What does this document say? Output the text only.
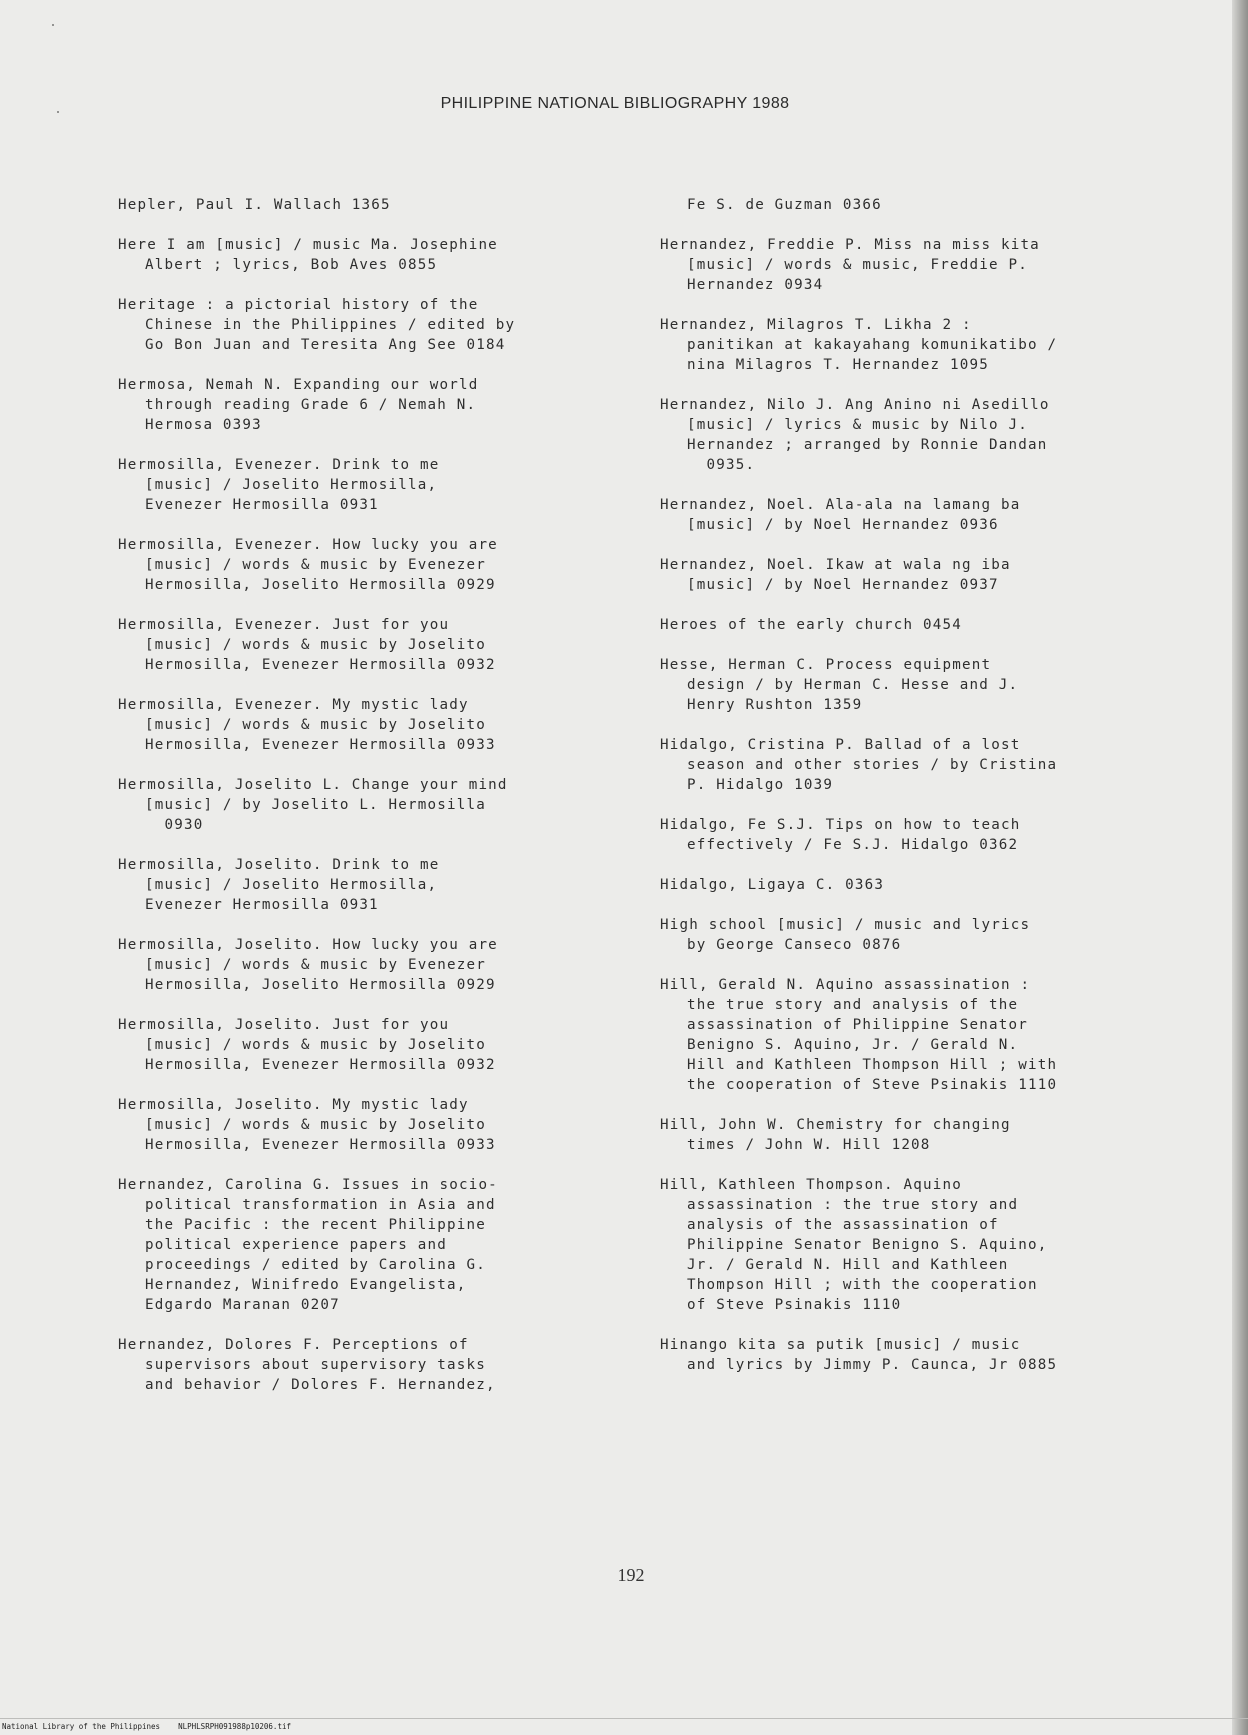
PHILIPPINE NATIONAL BIBLIOGRAPHY 1988
Hepler, Paul I. Wallach 1365
Here I am [music] / music Ma. Josephine
Albert ; lyrics, Bob Aves 0855
Heritage : a pictorial history of the
Chinese in the Philippines / edited by
Go Bon Juan and Teresita Ang See 0184
Hermosa, Nemah N. Expanding our world
through reading Grade 6 / Nemah N.
Hermosa 0393
Hermosilla, Evenezer. Drink to me
[music] / Joselito Hermosilla,
Evenezer Hermosilla 0931
Hermosilla, Evenezer. How lucky you are
[music] / words & music by Evenezer
Hermosilla, Joselito Hermosilla 0929
Hermosilla, Evenezer. Just for you
[music] / words & music by Joselito
Hermosilla, Evenezer Hermosilla 0932
Hermosilla, Evenezer. My mystic lady
[music] / words & music by Joselito
Hermosilla, Evenezer Hermosilla 0933
Hermosilla, Joselito L. Change your mind
[music] / by Joselito L. Hermosilla
0930
Hermosilla, Joselito. Drink to me
[music] / Joselito Hermosilla,
Evenezer Hermosilla 0931
Hermosilla, Joselito. How lucky you are
[music] / words & music by Evenezer
Hermosilla, Joselito Hermosilla 0929
Hermosilla, Joselito. Just for you
[music] / words & music by Joselito
Hermosilla, Evenezer Hermosilla 0932
Hermosilla, Joselito. My mystic lady
[music] / words & music by Joselito
Hermosilla, Evenezer Hermosilla 0933
Hernandez, Carolina G. Issues in socio-
political transformation in Asia and
the Pacific : the recent Philippine
political experience papers and
proceedings / edited by Carolina G.
Hernandez, Winifredo Evangelista,
Edgardo Maranan 0207
Hernandez, Dolores F. Perceptions of
supervisors about supervisory tasks
and behavior / Dolores F. Hernandez,
Fe S. de Guzman 0366
Hernandez, Freddie P. Miss na miss kita
[music] / words & music, Freddie P.
Hernandez 0934
Hernandez, Milagros T. Likha 2 :
panitikan at kakayahang komunikatibo /
nina Milagros T. Hernandez 1095
Hernandez, Nilo J. Ang Anino ni Asedillo
[music] / lyrics & music by Nilo J.
Hernandez ; arranged by Ronnie Dandan
0935.
Hernandez, Noel. Ala-ala na lamang ba
[music] / by Noel Hernandez 0936
Hernandez, Noel. Ikaw at wala ng iba
[music] / by Noel Hernandez 0937
Heroes of the early church 0454
Hesse, Herman C. Process equipment
design / by Herman C. Hesse and J.
Henry Rushton 1359
Hidalgo, Cristina P. Ballad of a lost
season and other stories / by Cristina
P. Hidalgo 1039
Hidalgo, Fe S.J. Tips on how to teach
effectively / Fe S.J. Hidalgo 0362
Hidalgo, Ligaya C. 0363
High school [music] / music and lyrics
by George Canseco 0876
Hill, Gerald N. Aquino assassination :
the true story and analysis of the
assassination of Philippine Senator
Benigno S. Aquino, Jr. / Gerald N.
Hill and Kathleen Thompson Hill ; with
the cooperation of Steve Psinakis 1110
Hill, John W. Chemistry for changing
times / John W. Hill 1208
Hill, Kathleen Thompson. Aquino
assassination : the true story and
analysis of the assassination of
Philippine Senator Benigno S. Aquino,
Jr. / Gerald N. Hill and Kathleen
Thompson Hill ; with the cooperation
of Steve Psinakis 1110
Hinango kita sa putik [music] / music
and lyrics by Jimmy P. Caunca, Jr 0885
192
National Library of the Philippines    NLPHLSRPH091988p10206.tif
